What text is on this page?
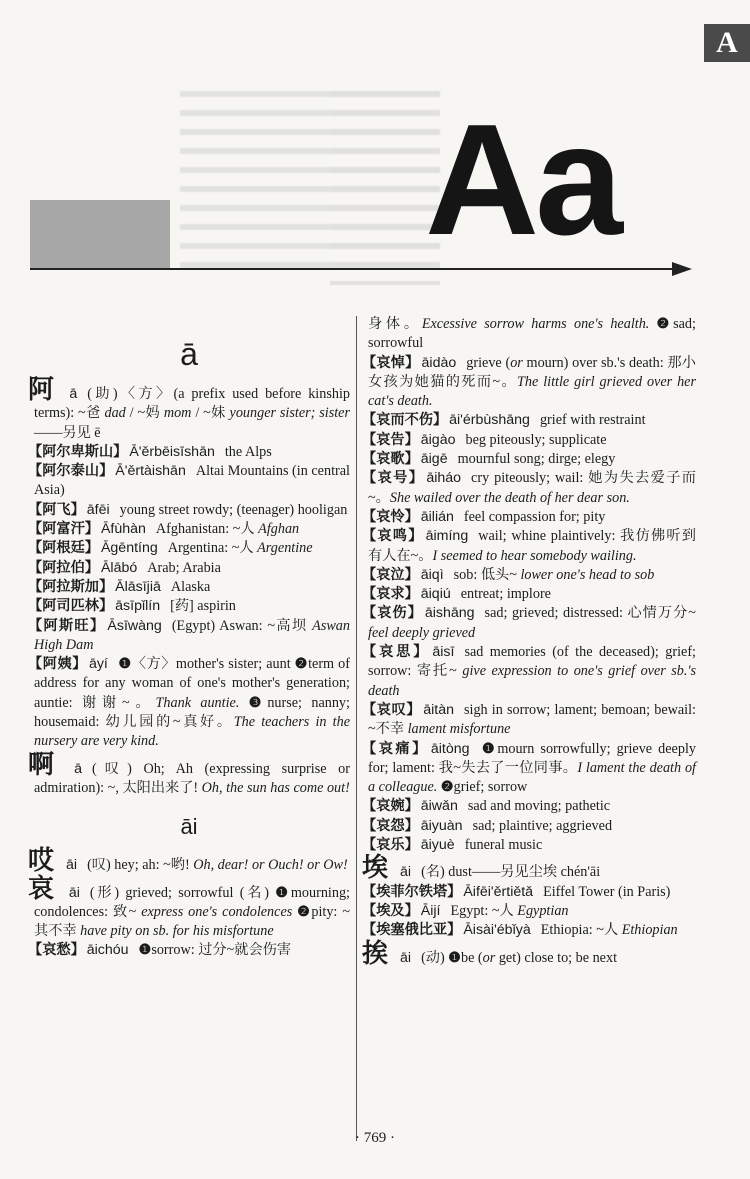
A
Aa
ā
阿ā (助)〈方〉(a prefix used before kinship terms): ~爸 dad / ~妈 mom / ~妹 younger sister; sister ——另见 ē
【阿尔卑斯山】 Ā'ěrbēisīshān the Alps
【阿尔泰山】 Ā'ěrtàishān Altai Mountains (in central Asia)
【阿飞】 āfēi young street rowdy; (teenager) hooligan
【阿富汗】 Āfùhàn Afghanistan: ~人 Afghan
【阿根廷】 Āgēntíng Argentina: ~人 Argentine
【阿拉伯】 Ālābó Arab; Arabia
【阿拉斯加】 Ālāsījiā Alaska
【阿司匹林】 āsīpǐlín [药] aspirin
【阿斯旺】 Āsīwàng (Egypt) Aswan: ~高坝 Aswan High Dam
【阿姨】 āyí ❶〈方〉mother's sister; aunt ❷term of address for any woman of one's mother's generation; auntie: 谢谢~。Thank auntie. ❸nurse; nanny; housemaid: 幼儿园的~真好。The teachers in the nursery are very kind.
啊ā (叹) Oh; Ah (expressing surprise or admiration): ~, 太阳出来了! Oh, the sun has come out!
āi
哎āi (叹) hey; ah: ~哟! Oh, dear! or Ouch! or Ow!
哀āi (形) grieved; sorrowful (名) ❶mourning; condolences: 致~ express one's condolences ❷pity: ~其不幸 have pity on sb. for his misfortune
【哀愁】 āichóu ❶sorrow: 过分~就会伤害
身体。Excessive sorrow harms one's health. ❷sad; sorrowful
【哀悼】 āidào grieve (or mourn) over sb.'s death: 那小女孩为她猫的死而~。The little girl grieved over her cat's death.
【哀而不伤】 āi'érbùshāng grief with restraint
【哀告】 āigào beg piteously; supplicate
【哀歌】 āigē mournful song; dirge; elegy
【哀号】 āiháo cry piteously; wail: 她为失去爱子而~。She wailed over the death of her dear son.
【哀怜】 āilián feel compassion for; pity
【哀鸣】 āimíng wail; whine plaintively: 我仿佛听到有人在~。I seemed to hear somebody wailing.
【哀泣】 āiqì sob: 低头~ lower one's head to sob
【哀求】 āiqiú entreat; implore
【哀伤】 āishāng sad; grieved; distressed: 心情万分~ feel deeply grieved
【哀思】 āisī sad memories (of the deceased); grief; sorrow: 寄托~ give expression to one's grief over sb.'s death
【哀叹】 āitàn sigh in sorrow; lament; bemoan; bewail: ~不幸 lament misfortune
【哀痛】 āitòng ❶mourn sorrowfully; grieve deeply for; lament: 我~失去了一位同事。I lament the death of a colleague. ❷grief; sorrow
【哀婉】 āiwǎn sad and moving; pathetic
【哀怨】 āiyuàn sad; plaintive; aggrieved
【哀乐】 āiyuè funeral music
埃āi (名) dust——另见尘埃 chén'āi
【埃菲尔铁塔】 Āifēi'ěrtiětǎ Eiffel Tower (in Paris)
【埃及】 Āijí Egypt: ~人 Egyptian
【埃塞俄比亚】 Āisài'ébǐyà Ethiopia: ~人 Ethiopian
挨āi (动) ❶be (or get) close to; be next
· 769 ·
